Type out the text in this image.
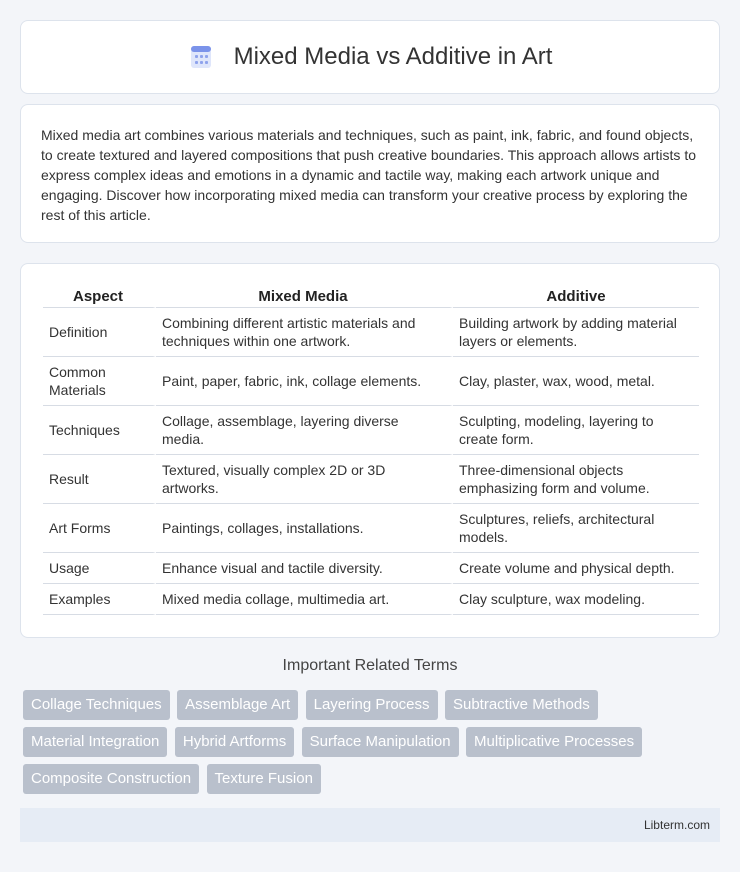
Mixed Media vs Additive in Art

Mixed media art combines various materials and techniques, such as paint, ink, fabric, and found objects, to create textured and layered compositions that push creative boundaries. This approach allows artists to express complex ideas and emotions in a dynamic and tactile way, making each artwork unique and engaging. Discover how incorporating mixed media can transform your creative process by exploring the rest of this article.

Aspect	Mixed Media	Additive
Definition	Combining different artistic materials and techniques within one artwork.	Building artwork by adding material layers or elements.
Common Materials	Paint, paper, fabric, ink, collage elements.	Clay, plaster, wax, wood, metal.
Techniques	Collage, assemblage, layering diverse media.	Sculpting, modeling, layering to create form.
Result	Textured, visually complex 2D or 3D artworks.	Three-dimensional objects emphasizing form and volume.
Art Forms	Paintings, collages, installations.	Sculptures, reliefs, architectural models.
Usage	Enhance visual and tactile diversity.	Create volume and physical depth.
Examples	Mixed media collage, multimedia art.	Clay sculpture, wax modeling.
Important Related Terms
Collage Techniques Assemblage Art Layering Process Subtractive Methods Material Integration Hybrid Artforms Surface Manipulation Multiplicative Processes Composite Construction Texture Fusion
Libterm.com
